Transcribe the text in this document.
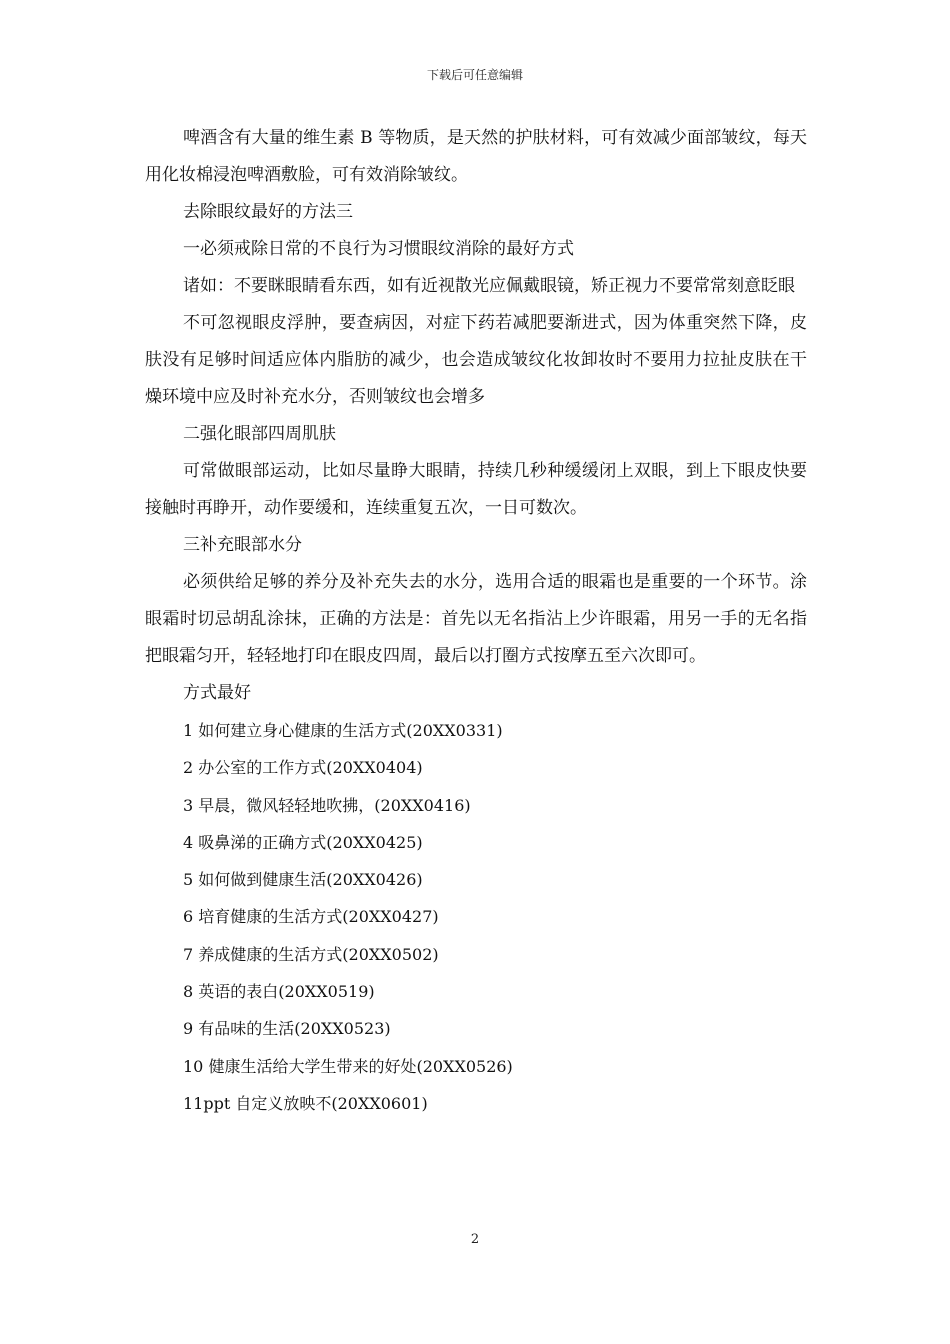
下载后可任意编辑

啤酒含有大量的维生素 B 等物质，是天然的护肤材料，可有效减少面部皱纹，每天用化妆棉浸泡啤酒敷脸，可有效消除皱纹。

去除眼纹最好的方法三

一必须戒除日常的不良行为习惯眼纹消除的最好方式

诸如：不要眯眼睛看东西，如有近视散光应佩戴眼镜，矫正视力不要常常刻意眨眼

不可忽视眼皮浮肿，要查病因，对症下药若减肥要渐进式，因为体重突然下降，皮肤没有足够时间适应体内脂肪的减少，也会造成皱纹化妆卸妆时不要用力拉扯皮肤在干燥环境中应及时补充水分，否则皱纹也会增多

二强化眼部四周肌肤

可常做眼部运动，比如尽量睁大眼睛，持续几秒种缓缓闭上双眼，到上下眼皮快要接触时再睁开，动作要缓和，连续重复五次，一日可数次。

三补充眼部水分

必须供给足够的养分及补充失去的水分，选用合适的眼霜也是重要的一个环节。涂眼霜时切忌胡乱涂抹，正确的方法是：首先以无名指沾上少许眼霜，用另一手的无名指把眼霜匀开，轻轻地打印在眼皮四周，最后以打圈方式按摩五至六次即可。

方式最好

1 如何建立身心健康的生活方式(20XX0331)

2 办公室的工作方式(20XX0404)

3 早晨，微风轻轻地吹拂，(20XX0416)

4 吸鼻涕的正确方式(20XX0425)

5 如何做到健康生活(20XX0426)

6 培育健康的生活方式(20XX0427)

7 养成健康的生活方式(20XX0502)

8 英语的表白(20XX0519)

9 有品味的生活(20XX0523)

10 健康生活给大学生带来的好处(20XX0526)

11ppt 自定义放映不(20XX0601)

2
